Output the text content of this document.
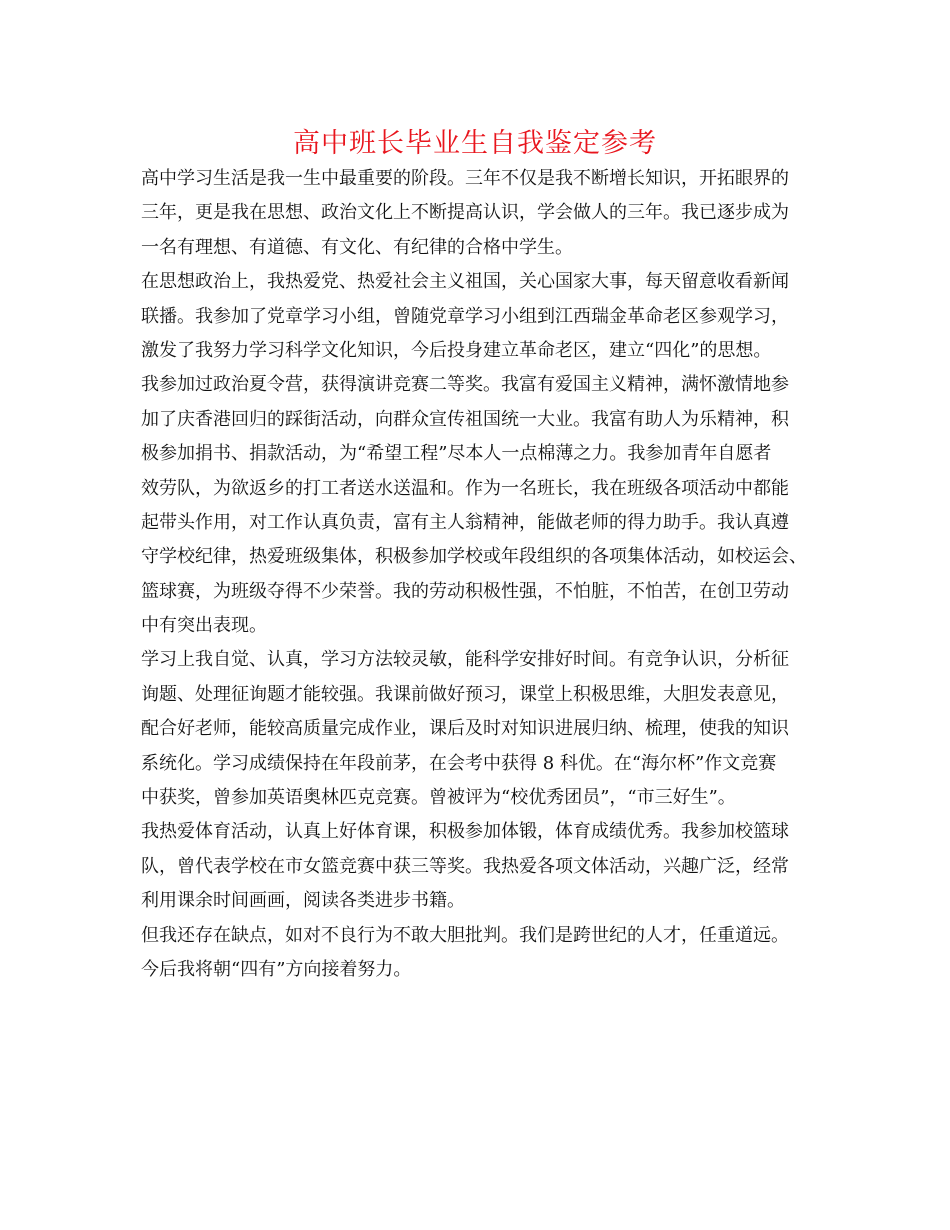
高中班长毕业生自我鉴定参考
高中学习生活是我一生中最重要的阶段。三年不仅是我不断增长知识，开拓眼界的
三年，更是我在思想、政治文化上不断提高认识，学会做人的三年。我已逐步成为
一名有理想、有道德、有文化、有纪律的合格中学生。
在思想政治上，我热爱党、热爱社会主义祖国，关心国家大事，每天留意收看新闻
联播。我参加了党章学习小组，曾随党章学习小组到江西瑞金革命老区参观学习，
激发了我努力学习科学文化知识，今后投身建立革命老区，建立“四化”的思想。
我参加过政治夏令营，获得演讲竞赛二等奖。我富有爱国主义精神，满怀激情地参
加了庆香港回归的踩街活动，向群众宣传祖国统一大业。我富有助人为乐精神，积
极参加捐书、捐款活动，为“希望工程”尽本人一点棉薄之力。我参加青年自愿者
效劳队，为欲返乡的打工者送水送温和。作为一名班长，我在班级各项活动中都能
起带头作用，对工作认真负责，富有主人翁精神，能做老师的得力助手。我认真遵
守学校纪律，热爱班级集体，积极参加学校或年段组织的各项集体活动，如校运会、
篮球赛，为班级夺得不少荣誉。我的劳动积极性强，不怕脏，不怕苦，在创卫劳动
中有突出表现。
学习上我自觉、认真，学习方法较灵敏，能科学安排好时间。有竞争认识，分析征
询题、处理征询题才能较强。我课前做好预习，课堂上积极思维，大胆发表意见，
配合好老师，能较高质量完成作业，课后及时对知识进展归纳、梳理，使我的知识
系统化。学习成绩保持在年段前茅，在会考中获得 8 科优。在“海尔杯”作文竞赛
中获奖，曾参加英语奥林匹克竞赛。曾被评为“校优秀团员”，“市三好生”。
我热爱体育活动，认真上好体育课，积极参加体锻，体育成绩优秀。我参加校篮球
队，曾代表学校在市女篮竞赛中获三等奖。我热爱各项文体活动，兴趣广泛，经常
利用课余时间画画，阅读各类进步书籍。
但我还存在缺点，如对不良行为不敢大胆批判。我们是跨世纪的人才，任重道远。
今后我将朝“四有”方向接着努力。
